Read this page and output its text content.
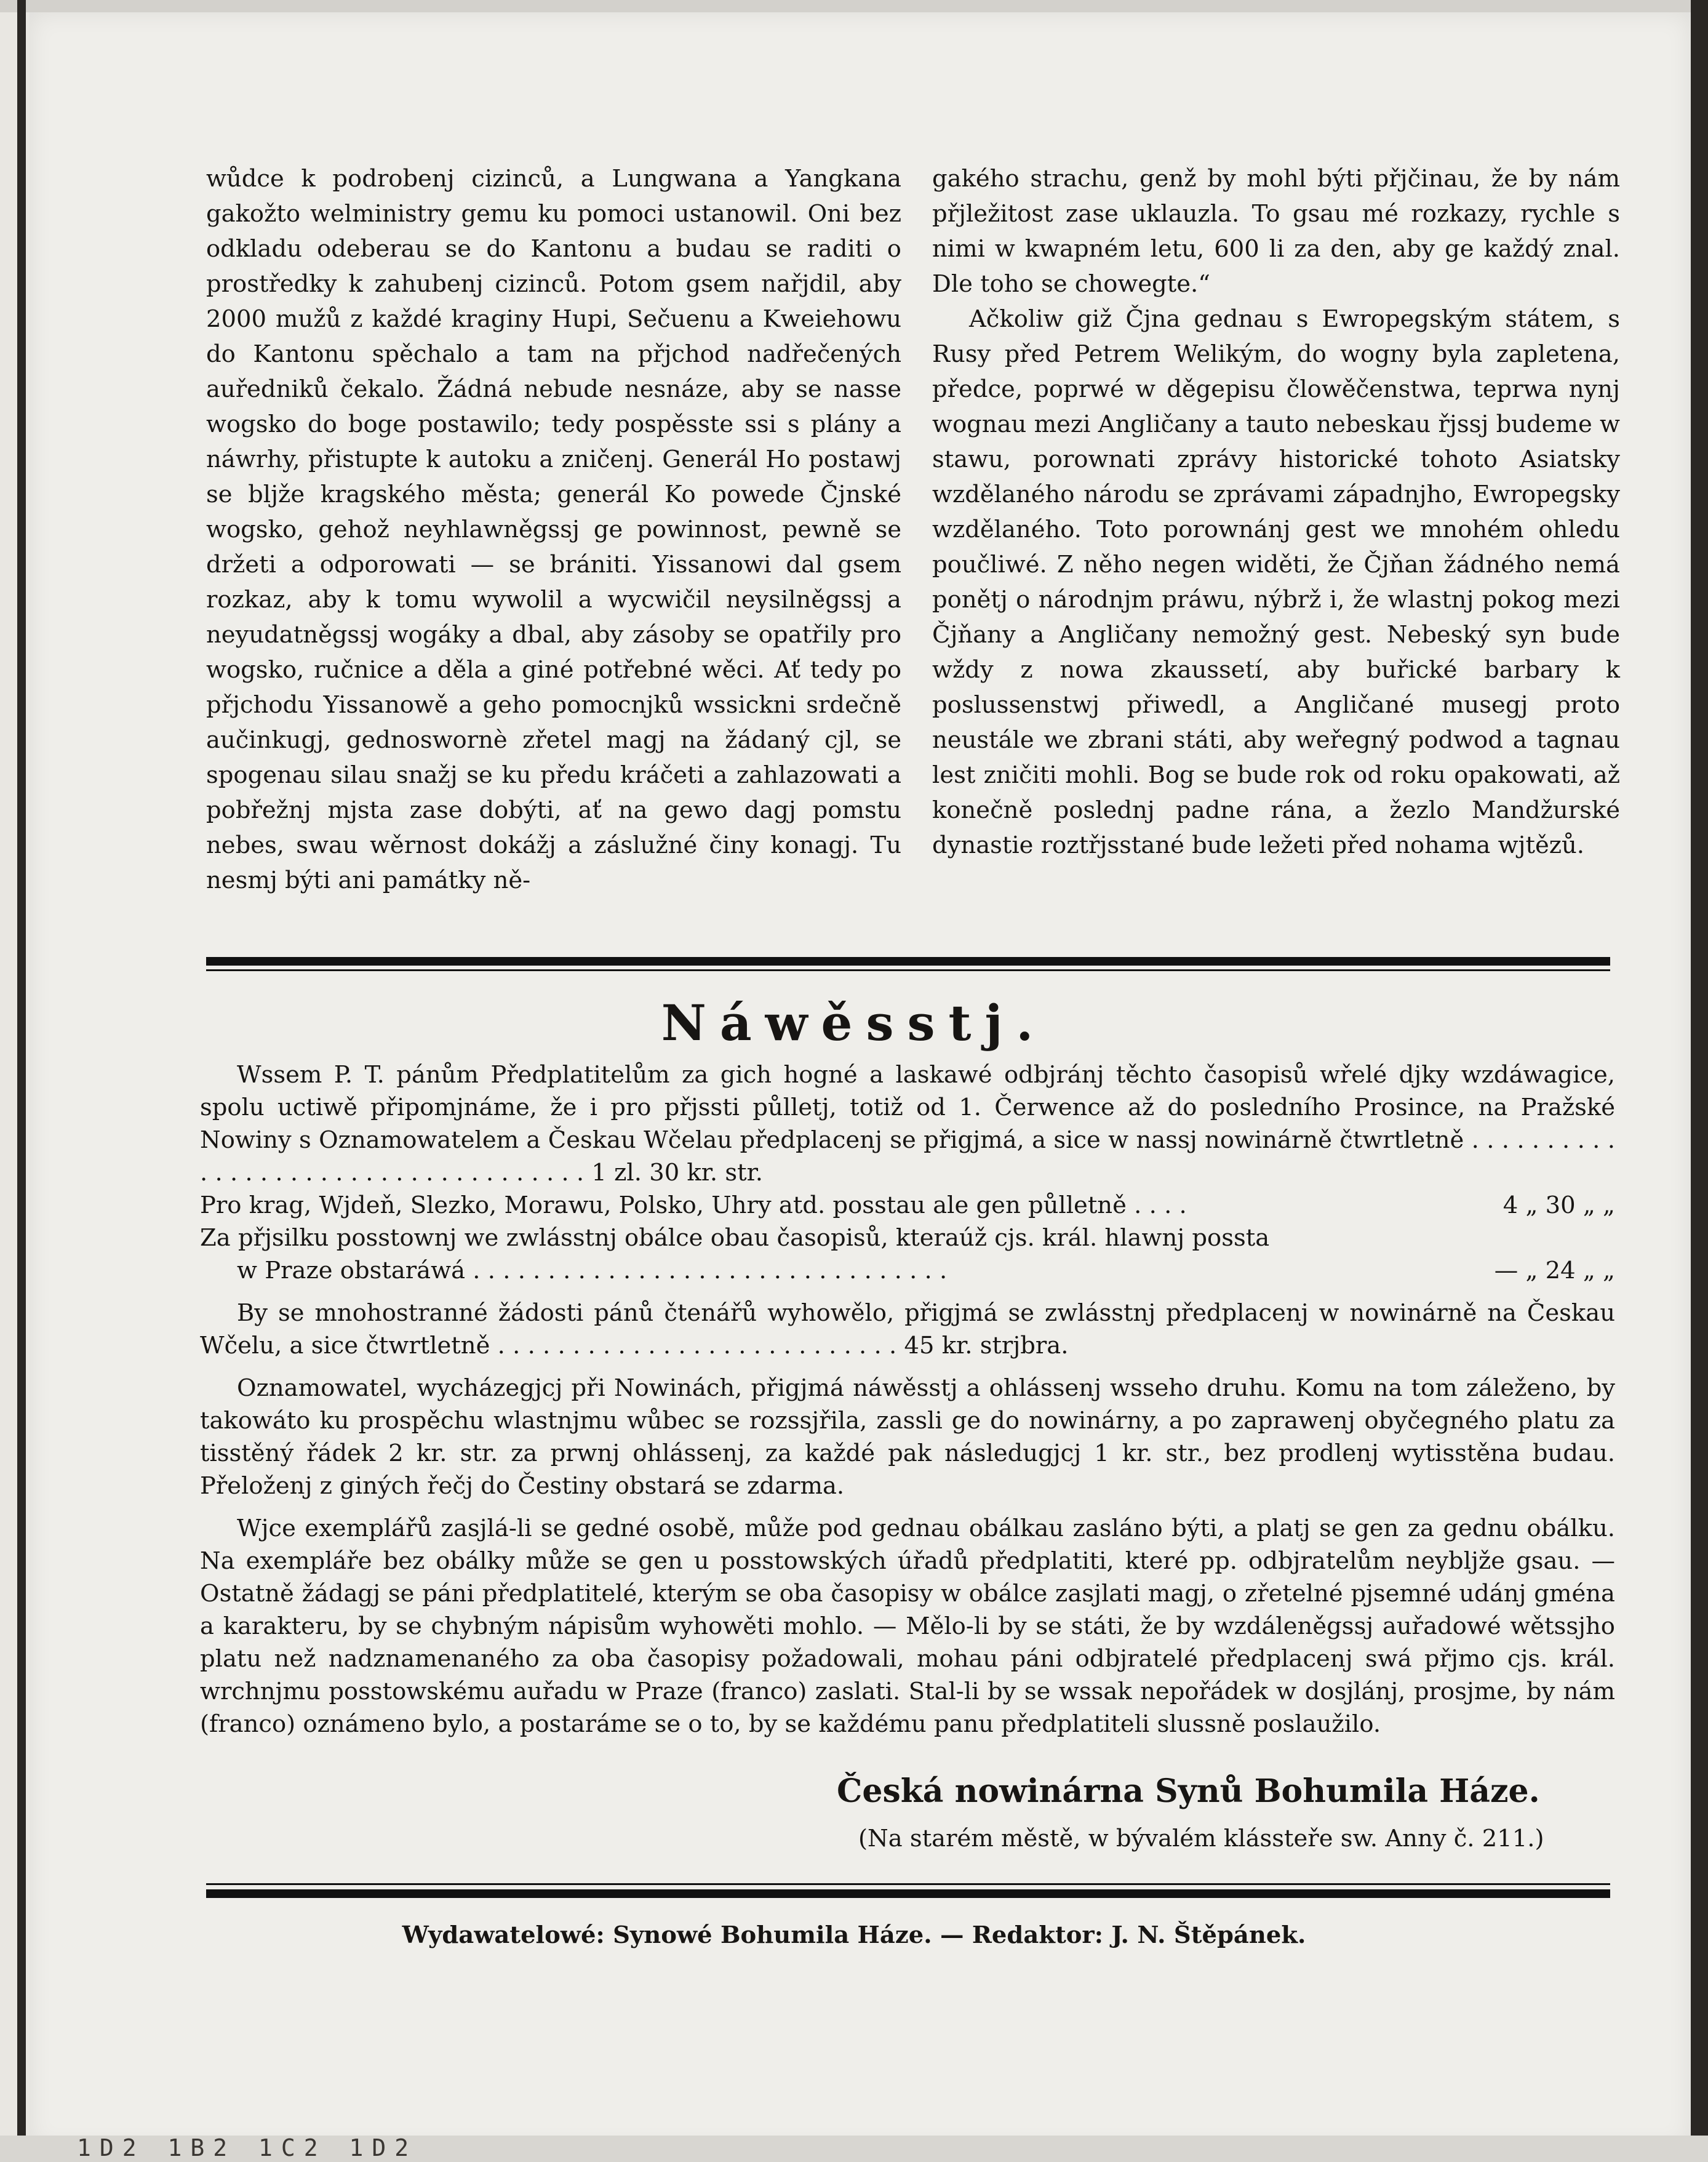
wůdce k podrobenj cizinců, a Lungwana a Yangkana gakožto welministry gemu ku pomoci ustanowil. Oni bez odkladu odeberau se do Kantonu a budau se raditi o prostředky k zahubenj cizinců. Potom gsem nařjdil, aby 2000 mužů z každé kraginy Hupi, Sečuenu a Kweiehowu do Kantonu spěchalo a tam na přjchod nadřečených auředniků čekalo. Žádná nebude nesnáze, aby se nasse wogsko do boge postawilo; tedy pospěsste ssi s plány a náwrhy, přistupte k autoku a zničenj. Generál Ho postawj se bljže kragského města; generál Ko powede Čjnské wogsko, gehož neyhlawněgssj ge powinnost, pewně se držeti a odporowati — se brániti. Yissanowi dal gsem rozkaz, aby k tomu wywolil a wycwičil neysilněgssj a neyudatněgssj wogáky a dbal, aby zásoby se opatřily pro wogsko, ručnice a děla a giné potřebné wěci. Ať tedy po přjchodu Yissanowě a geho pomocnjků wssickni srdečně aučinkugj, gednoswornè zřetel magj na žádaný cjl, se spogenau silau snažj se ku předu kráčeti a zahlazowati a pobřežnj mjsta zase dobýti, ať na gewo dagj pomstu nebes, swau wěrnost dokážj a záslužné činy konagj. Tu nesmj býti ani památky ně-

gakého strachu, genž by mohl býti přjčinau, že by nám přjležitost zase uklauzla. To gsau mé rozkazy, rychle s nimi w kwapném letu, 600 li za den, aby ge každý znal. Dle toho se chowegte.“

Ačkoliw giž Čjna gednau s Ewropegským státem, s Rusy před Petrem Welikým, do wogny byla zapletena, předce, poprwé w děgepisu člowěčenstwa, teprwa nynj wognau mezi Angličany a tauto nebeskau řjssj budeme w stawu, porownati zprávy historické tohoto Asiatsky wzdělaného národu se zprávami západnjho, Ewropegsky wzdělaného. Toto porownánj gest we mnohém ohledu poučliwé. Z něho negen widěti, že Čjňan žádného nemá ponětj o národnjm práwu, nýbrž i, že wlastnj pokog mezi Čjňany a Angličany nemožný gest. Nebeský syn bude wždy z nowa zkaussetí, aby buřické barbary k poslussenstwj přiwedl, a Angličané musegj proto neustále we zbrani státi, aby weřegný podwod a tagnau lest zničiti mohli. Bog se bude rok od roku opakowati, až konečně poslednj padne rána, a žezlo Mandžurské dynastie roztřjsstané bude ležeti před nohama wjtězů.

Náwěsstj.

Wssem P. T. pánům Předplatitelům za gich hogné a laskawé odbjránj těchto časopisů wřelé djky wzdáwagice, spolu uctiwě připomjnáme, že i pro přjssti půlletj, totiž od 1. Čerwence až do posledního Prosince, na Pražské Nowiny s Oznamowatelem a Českau Wčelau předplacenj se přigjmá, a sice w nassj nowinárně čtwrtletně . . . . . . . . . . . . . . . . . . . . . . . . . . . . . . . . . . . . 1 zl. 30 kr. str.

Pro krag, Wjdeň, Slezko, Morawu, Polsko, Uhry atd. posstau ale gen půlletně . . . .	4 „ 30 „ „
Za přjsilku posstownj we zwlásstnj obálce obau časopisů, kteraúž cjs. král. hlawnj possta
w Praze obstaráwá . . . . . . . . . . . . . . . . . . . . . . . . . . . . . . . .	— „ 24 „ „

By se mnohostranné žádosti pánů čtenářů wyhowělo, přigjmá se zwlásstnj předplacenj w nowinárně na Českau Wčelu, a sice čtwrtletně . . . . . . . . . . . . . . . . . . . . . . . . . . . 45 kr. strjbra.

Oznamowatel, wycházegjcj při Nowinách, přigjmá náwěsstj a ohlássenj wsseho druhu. Komu na tom záleženo, by takowáto ku prospěchu wlastnjmu wůbec se rozssjřila, zassli ge do nowinárny, a po zaprawenj obyčegného platu za tisstěný řádek 2 kr. str. za prwnj ohlássenj, za každé pak následugjcj 1 kr. str., bez prodlenj wytisstěna budau. Přeloženj z giných řečj do Čestiny obstará se zdarma.

Wjce exemplářů zasjlá-li se gedné osobě, může pod gednau obálkau zasláno býti, a platj se gen za gednu obálku. Na exempláře bez obálky může se gen u posstowských úřadů předplatiti, které pp. odbjratelům neybljže gsau. — Ostatně žádagj se páni předplatitelé, kterým se oba časopisy w obálce zasjlati magj, o zřetelné pjsemné udánj gména a karakteru, by se chybným nápisům wyhowěti mohlo. — Mělo-li by se státi, že by wzdáleněgssj auřadowé wětssjho platu než nadznamenaného za oba časopisy požadowali, mohau páni odbjratelé předplacenj swá přjmo cjs. král. wrchnjmu posstowskému auřadu w Praze (franco) zaslati. Stal-li by se wssak nepořádek w dosjlánj, prosjme, by nám (franco) oznámeno bylo, a postaráme se o to, by se každému panu předplatiteli slussně poslaužilo.

Česká nowinárna Synů Bohumila Háze.
(Na starém městě, w bývalém klássteře sw. Anny č. 211.)
Wydawatelowé: Synowé Bohumila Háze. — Redaktor: J. N. Štěpánek.
1D2 1B2 1C2 1D2
